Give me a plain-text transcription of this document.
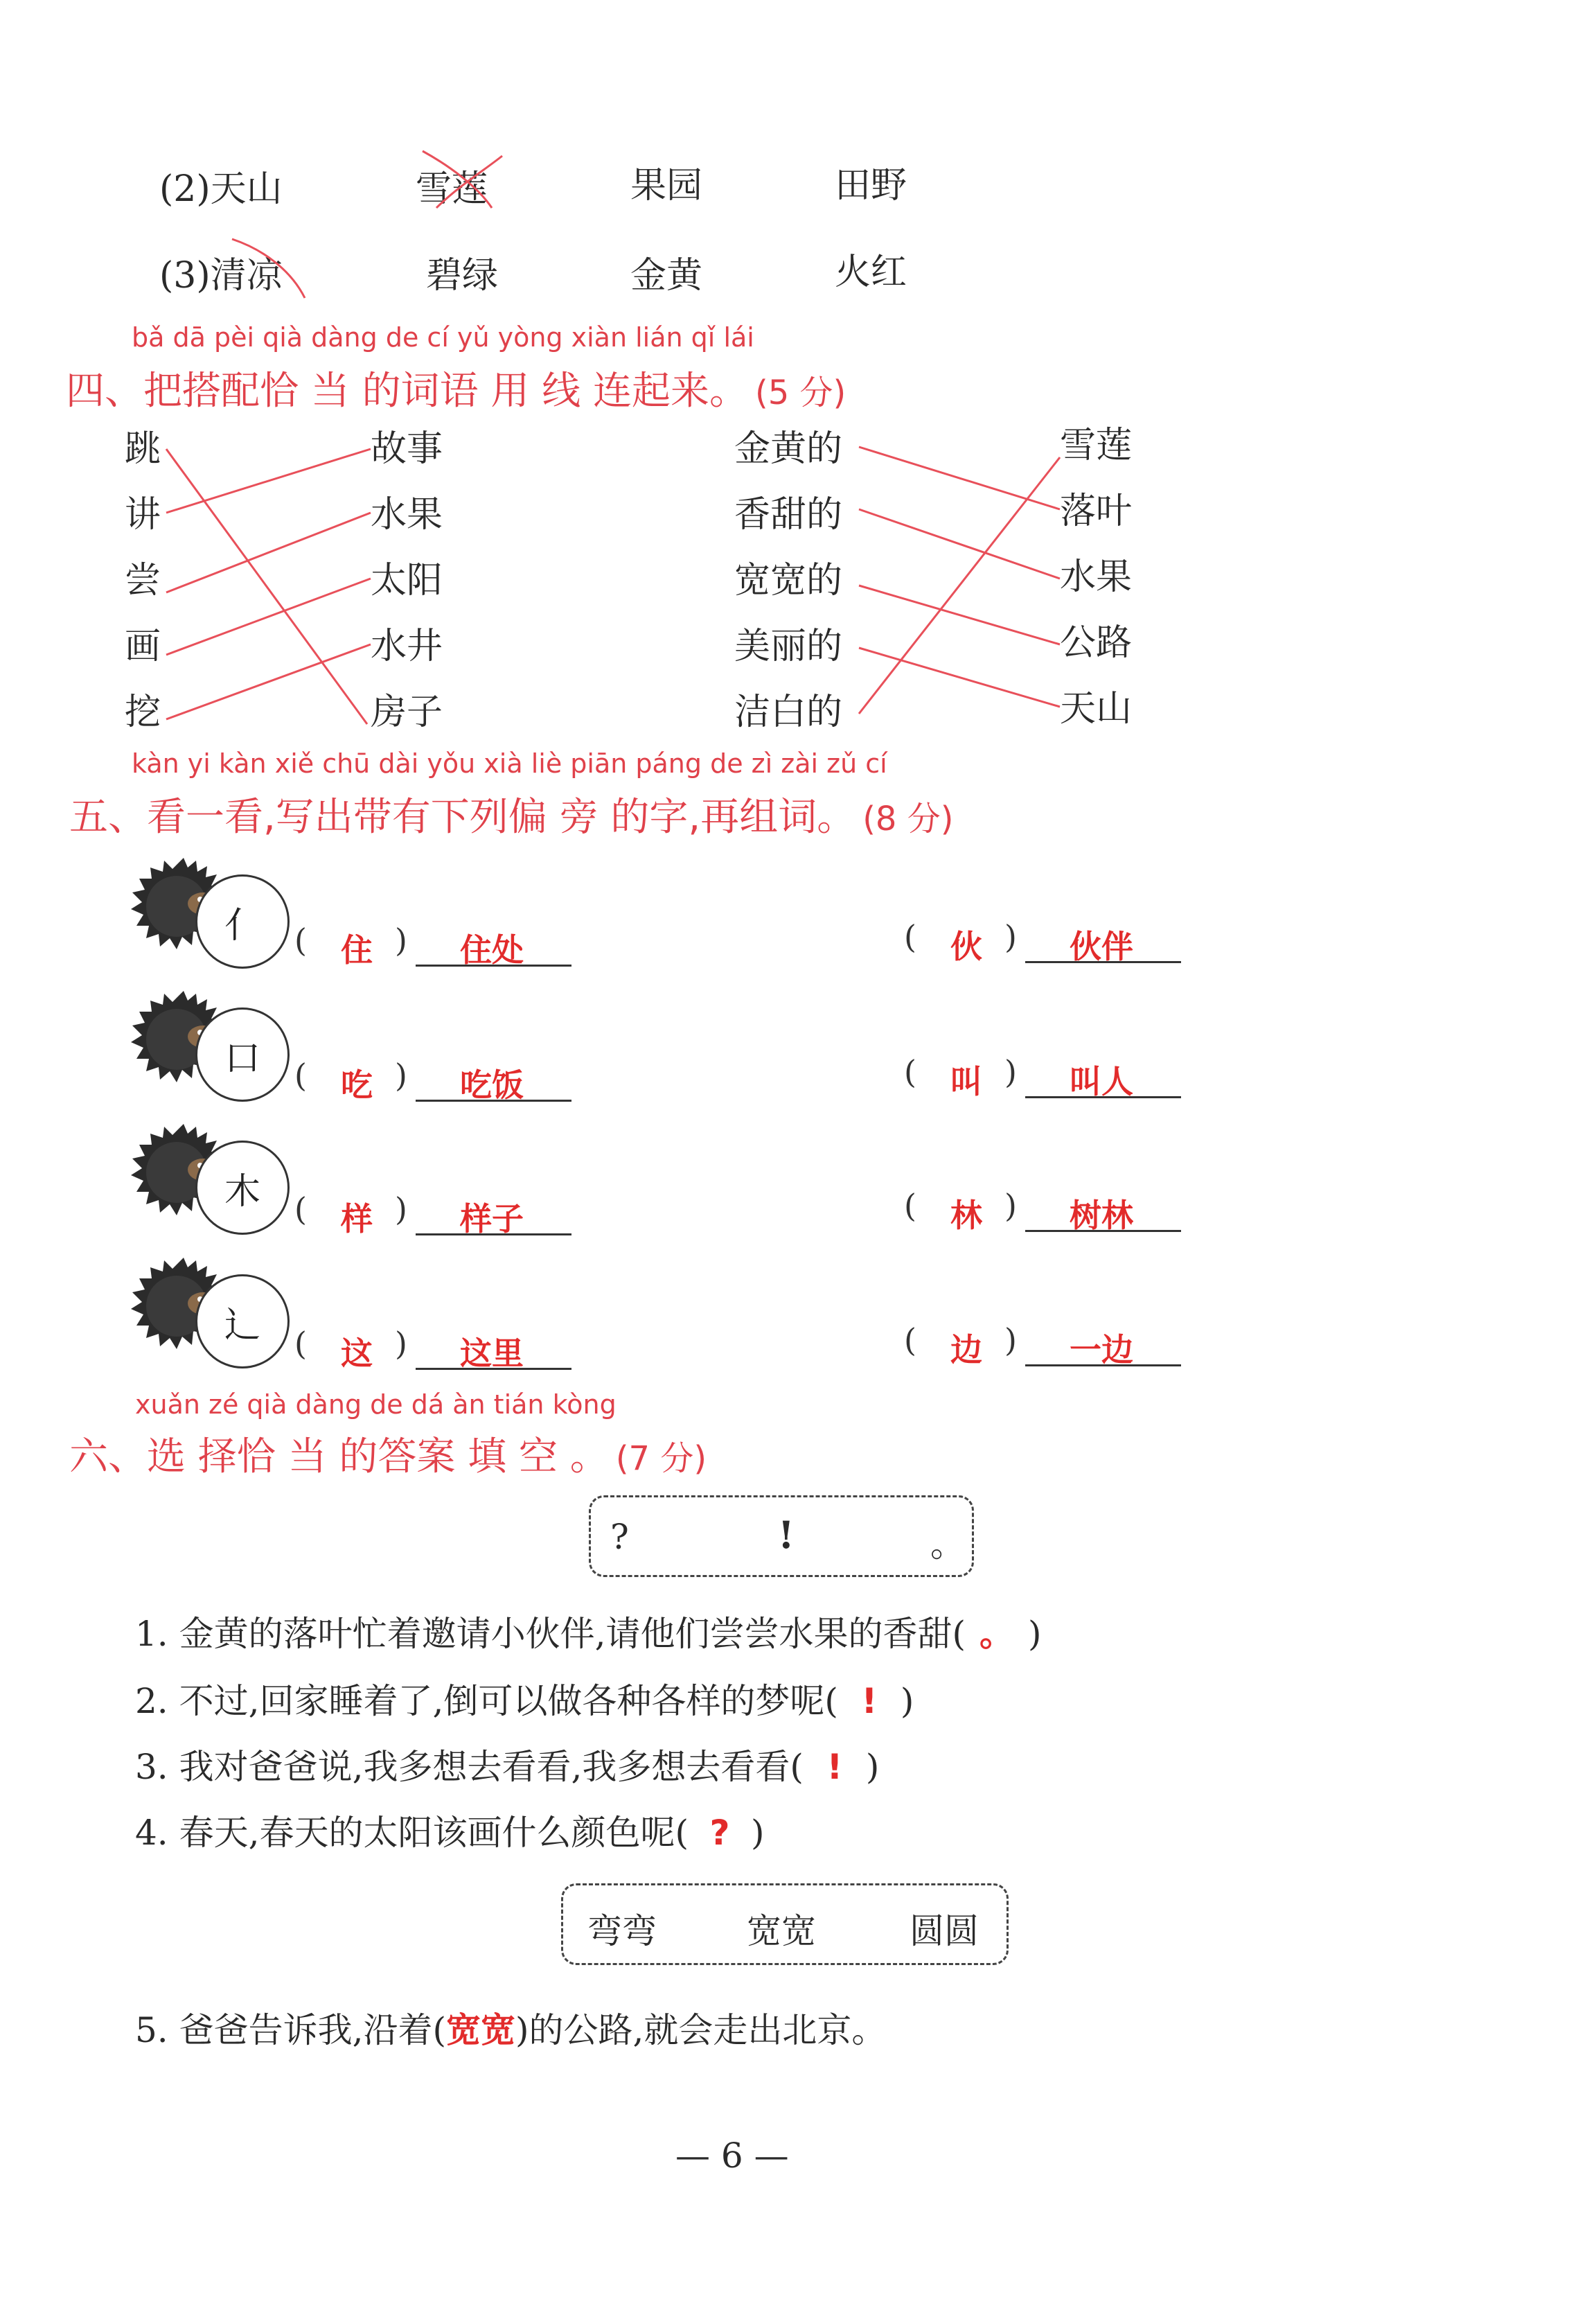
(2)天山	雪莲	果园	田野
(3)清凉	碧绿	金黄	火红
bǎ dā pèi qià dàng de cí yǔ yòng xiàn lián qǐ lái
四、把搭配恰 当 的词语 用 线 连起来。 (5 分)
跳
讲
尝
画
挖
故事
水果
太阳
水井
房子
金黄的
香甜的
宽宽的
美丽的
洁白的
雪莲
落叶
水果
公路
天山
kàn yi kàn xiě chū dài yǒu xià liè piān páng de zì zài zǔ cí
五、看一看,写出带有下列偏 旁 的字,再组词。 (8 分)
亻	(	住 )	住处	(	伙 )	伙伴
口	(	吃 )	吃饭	(	叫 )	叫人
木	(	样 )	样子	(	林 )	树林
辶	(	这 )	这里	(	边 )	一边
xuǎn zé qià dàng de dá àn tián kòng
六、选 择恰 当 的答案 填 空 。 (7 分)
?	!	。
1. 金黄的落叶忙着邀请小伙伴,请他们尝尝水果的香甜( 。 )
2. 不过,回家睡着了,倒可以做各种各样的梦呢( ! )
3. 我对爸爸说,我多想去看看,我多想去看看( ! )
4. 春天,春天的太阳该画什么颜色呢( ? )
弯弯	宽宽	圆圆
5. 爸爸告诉我,沿着(宽宽)的公路,就会走出北京。
— 6 —
